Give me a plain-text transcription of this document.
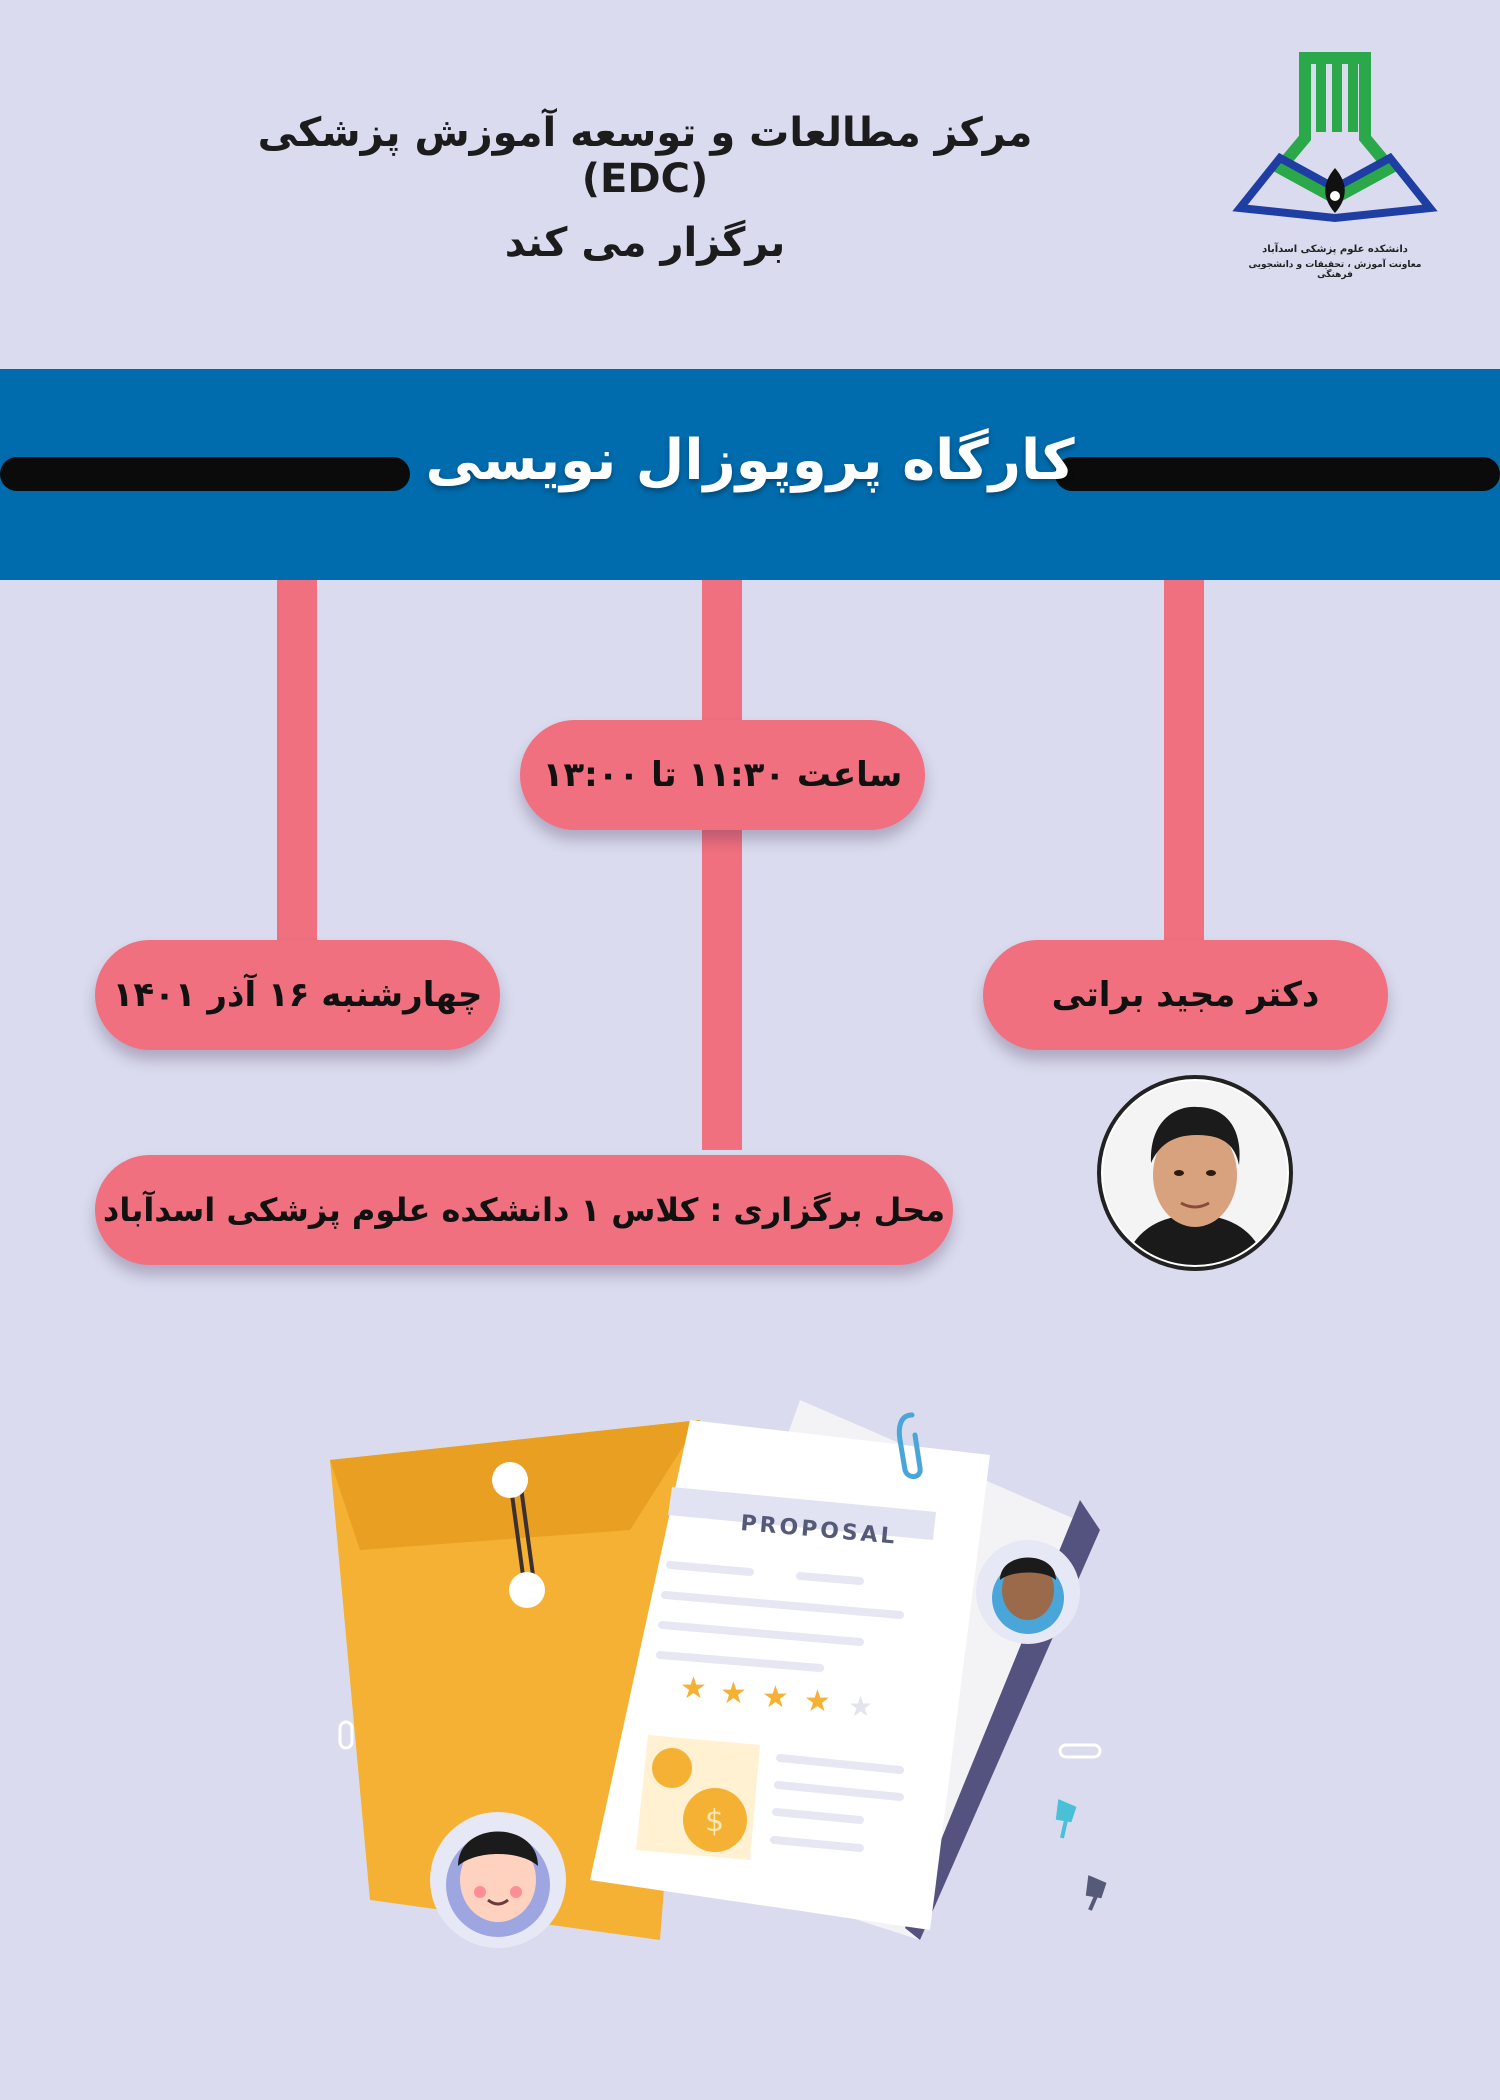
مرکز مطالعات و توسعه آموزش پزشکی (EDC)
برگزار می کند	دانشکده علوم پزشکی اسدآباد
معاونت آموزش ، تحقیقات و دانشجویی فرهنگی
کارگاه پروپوزال نویسی
ساعت ۱۱:۳۰ تا ۱۳:۰۰
چهارشنبه ۱۶ آذر ۱۴۰۱	دکتر مجید براتی
محل برگزاری : کلاس ۱ دانشکده علوم پزشکی اسدآباد
PROPOSAL
★ ★ ★ ★ ★
$
